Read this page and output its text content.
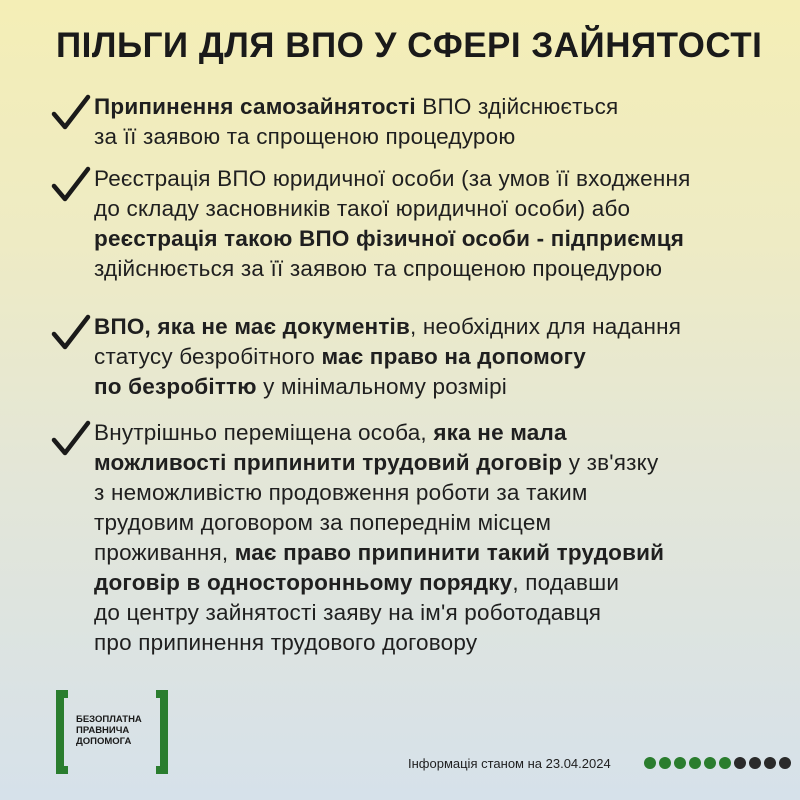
ПІЛЬГИ ДЛЯ ВПО У СФЕРІ ЗАЙНЯТОСТІ
Припинення самозайнятості ВПО здійснюється
за її заявою та спрощеною процедурою
Реєстрація ВПО юридичної особи (за умов її входження
до складу засновників такої юридичної особи) або
реєстрація такою ВПО фізичної особи - підприємця
здійснюється за її заявою та спрощеною процедурою
ВПО, яка не має документів, необхідних для надання
статусу безробітного має право на допомогу
по безробіттю у мінімальному розмірі
Внутрішньо переміщена особа, яка не мала
можливості припинити трудовий договір у зв'язку
з неможливістю продовження роботи за таким
трудовим договором за попереднім місцем
проживання, має право припинити такий трудовий
договір в односторонньому порядку, подавши
до центру зайнятості заяву на ім'я роботодавця
про припинення трудового договору
БЕЗОПЛАТНА
ПРАВНИЧА
ДОПОМОГА
Інформація станом на 23.04.2024
